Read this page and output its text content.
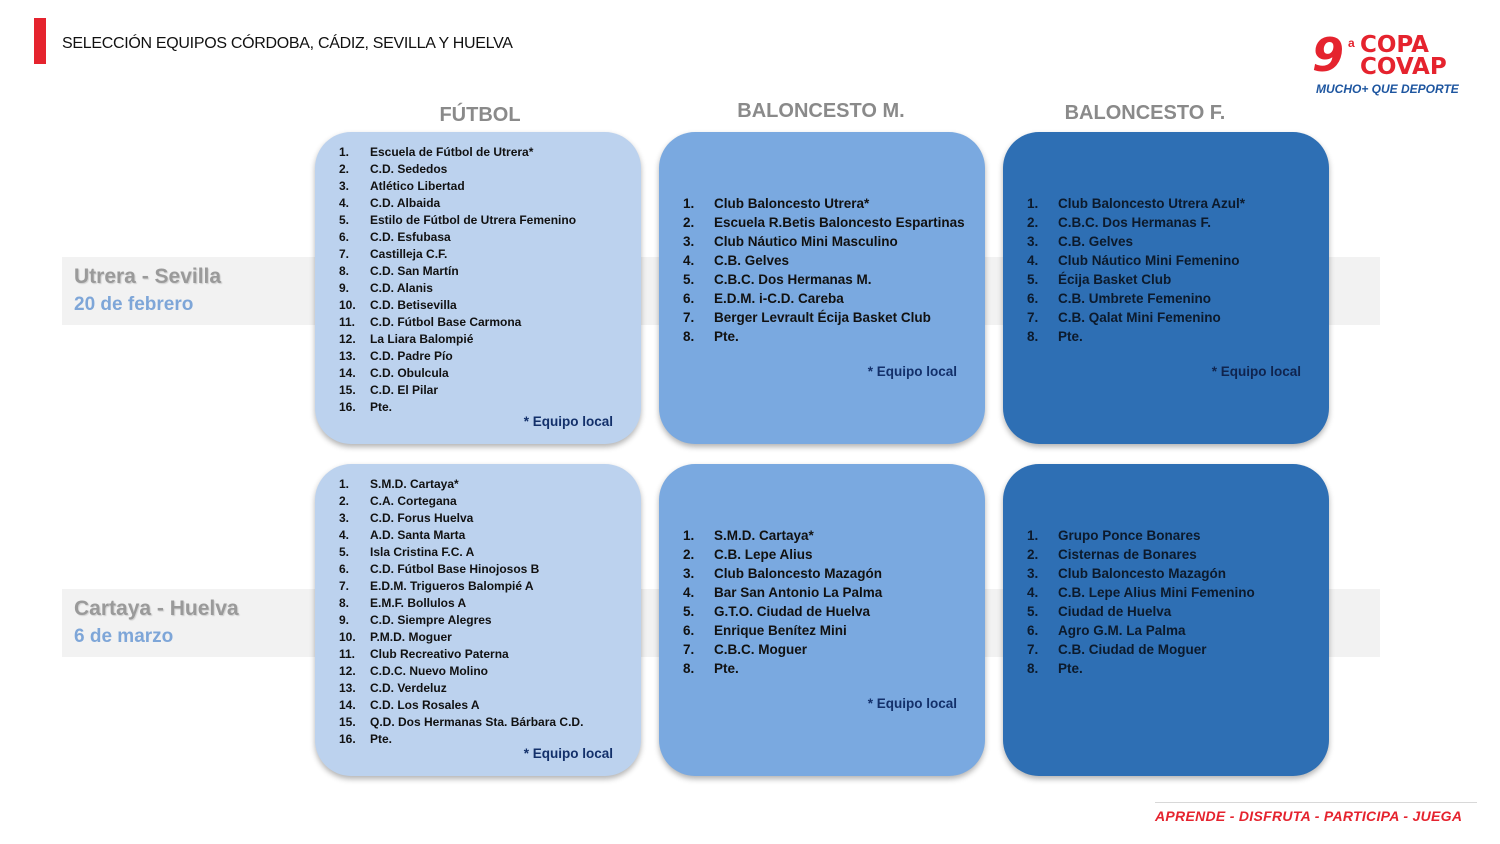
SELECCIÓN EQUIPOS CÓRDOBA, CÁDIZ, SEVILLA Y HUELVA	9 a COPA
COVAP
MUCHO+ QUE DEPORTE
FÚTBOL	BALONCESTO M.	BALONCESTO F.
Utrera - Sevilla
20 de febrero
Cartaya - Huelva
6 de marzo
1.	Escuela de Fútbol de Utrera*
2.	C.D. Sededos
3.	Atlético Libertad
4.	C.D. Albaida
5.	Estilo de Fútbol de Utrera Femenino
6.	C.D. Esfubasa
7.	Castilleja C.F.
8.	C.D. San Martín
9.	C.D. Alanis
10.	C.D. Betisevilla
11.	C.D. Fútbol Base Carmona
12.	La Liara Balompié
13.	C.D. Padre Pío
14.	C.D. Obulcula
15.	C.D. El Pilar
16.	Pte.
* Equipo local
1.	Club Baloncesto Utrera*
2.	Escuela R.Betis Baloncesto Espartinas
3.	Club Náutico Mini Masculino
4.	C.B. Gelves
5.	C.B.C. Dos Hermanas M.
6.	E.D.M. i-C.D. Careba
7.	Berger Levrault Écija Basket Club
8.	Pte.
* Equipo local
1.	Club Baloncesto Utrera Azul*
2.	C.B.C. Dos Hermanas F.
3.	C.B. Gelves
4.	Club Náutico Mini Femenino
5.	Écija Basket Club
6.	C.B. Umbrete Femenino
7.	C.B. Qalat Mini Femenino
8.	Pte.
* Equipo local
1.	S.M.D. Cartaya*
2.	C.A. Cortegana
3.	C.D. Forus Huelva
4.	A.D. Santa Marta
5.	Isla Cristina F.C. A
6.	C.D. Fútbol Base Hinojosos B
7.	E.D.M. Trigueros Balompié A
8.	E.M.F. Bollulos A
9.	C.D. Siempre Alegres
10.	P.M.D. Moguer
11.	Club Recreativo Paterna
12.	C.D.C. Nuevo Molino
13.	C.D. Verdeluz
14.	C.D. Los Rosales A
15.	Q.D. Dos Hermanas Sta. Bárbara C.D.
16.	Pte.
* Equipo local
1.	S.M.D. Cartaya*
2.	C.B. Lepe Alius
3.	Club Baloncesto Mazagón
4.	Bar San Antonio La Palma
5.	G.T.O. Ciudad de Huelva
6.	Enrique Benítez Mini
7.	C.B.C. Moguer
8.	Pte.
* Equipo local
1.	Grupo Ponce Bonares
2.	Cisternas de Bonares
3.	Club Baloncesto Mazagón
4.	C.B. Lepe Alius Mini Femenino
5.	Ciudad de Huelva
6.	Agro G.M. La Palma
7.	C.B. Ciudad de Moguer
8.	Pte.
APRENDE - DISFRUTA - PARTICIPA - JUEGA
